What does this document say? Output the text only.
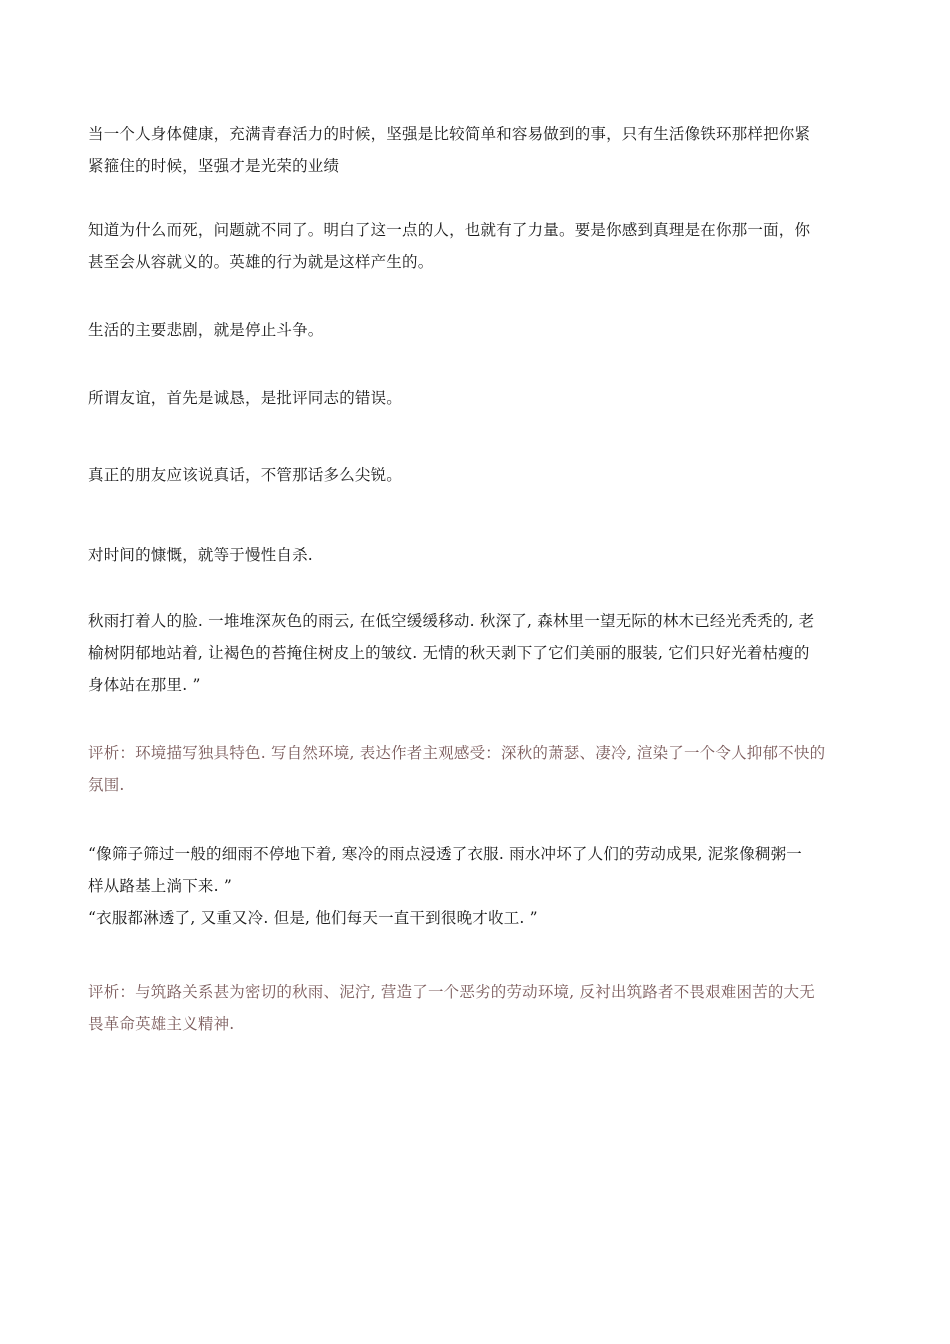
当一个人身体健康，充满青春活力的时候，坚强是比较简单和容易做到的事，只有生活像铁环那样把你紧
紧箍住的时候，坚强才是光荣的业绩

知道为什么而死，问题就不同了。明白了这一点的人，也就有了力量。要是你感到真理是在你那一面，你
甚至会从容就义的。英雄的行为就是这样产生的。

生活的主要悲剧，就是停止斗争。

所谓友谊，首先是诚恳，是批评同志的错误。

真正的朋友应该说真话，不管那话多么尖锐。

对时间的慷慨，就等于慢性自杀.

秋雨打着人的脸. 一堆堆深灰色的雨云, 在低空缓缓移动. 秋深了, 森林里一望无际的林木已经光秃秃的, 老
榆树阴郁地站着, 让褐色的苔掩住树皮上的皱纹. 无情的秋天剥下了它们美丽的服装, 它们只好光着枯瘦的
身体站在那里. ”

评析：环境描写独具特色. 写自然环境, 表达作者主观感受：深秋的萧瑟、凄冷, 渲染了一个令人抑郁不快的
氛围.

“像筛子筛过一般的细雨不停地下着, 寒冷的雨点浸透了衣服. 雨水冲坏了人们的劳动成果, 泥浆像稠粥一
样从路基上淌下来. ”
“衣服都淋透了, 又重又冷. 但是, 他们每天一直干到很晚才收工. ”

评析：与筑路关系甚为密切的秋雨、泥泞, 营造了一个恶劣的劳动环境, 反衬出筑路者不畏艰难困苦的大无
畏革命英雄主义精神.
